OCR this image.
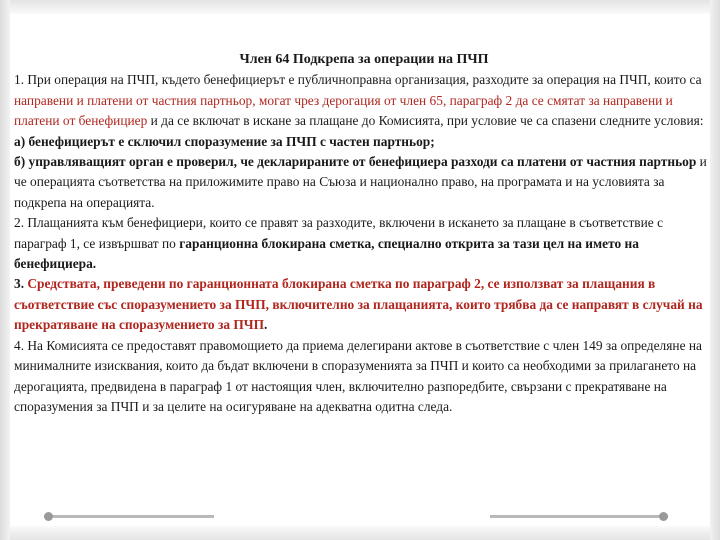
Член 64 Подкрепа за операции на ПЧП

1. При операция на ПЧП, където бенефициерът е публичноправна организация, разходите за операция на ПЧП, които са направени и платени от частния партньор, могат чрез дерогация от член 65, параграф 2 да се смятат за направени и платени от бенефициер и да се включат в искане за плащане до Комисията, при условие че са спазени следните условия:

а) бенефициерът е сключил споразумение за ПЧП с частен партньор;

б) управляващият орган е проверил, че декларираните от бенефициера разходи са платени от частния партньор и че операцията съответства на приложимите право на Съюза и национално право, на програмата и на условията за подкрепа на операцията.

2. Плащанията към бенефициери, които се правят за разходите, включени в искането за плащане в съответствие с параграф 1, се извършват по гаранционна блокирана сметка, специално открита за тази цел на името на бенефициера.

3. Средствата, преведени по гаранционната блокирана сметка по параграф 2, се използват за плащания в съответствие със споразумението за ПЧП, включително за плащанията, които трябва да се направят в случай на прекратяване на споразумението за ПЧП.

4. На Комисията се предоставят правомощието да приема делегирани актове в съответствие с член 149 за определяне на минималните изисквания, които да бъдат включени в споразуменията за ПЧП и които са необходими за прилагането на дерогацията, предвидена в параграф 1 от настоящия член, включително разпоредбите, свързани с прекратяване на споразумения за ПЧП и за целите на осигуряване на адекватна одитна следа.
